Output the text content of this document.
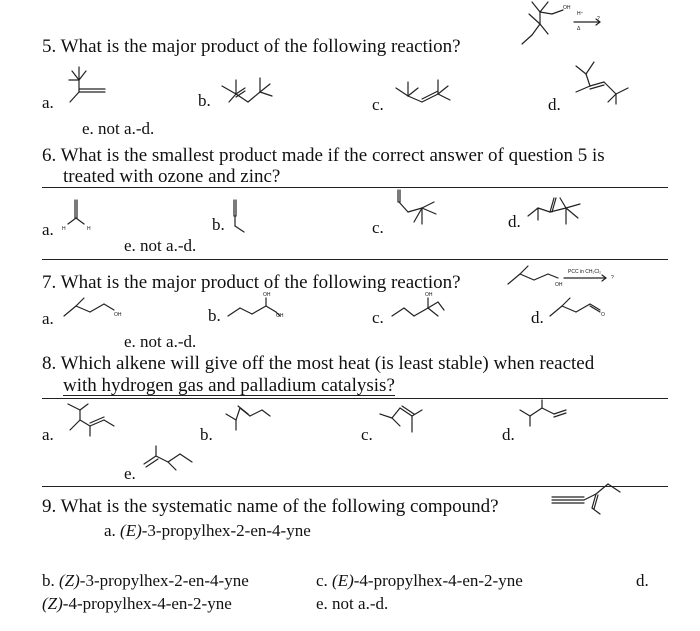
OH
H⁺
Δ
?
5. What is the major product of the following reaction?
a.	b.	c.	d.
e. not a.-d.
6. What is the smallest product made if the correct answer of question 5 is
treated with ozone and zinc?
a. H	H	b.	c.	d.
e. not a.-d.
7. What is the major product of the following reaction?	OH
PCC in CH₂Cl₂
?
a.	OH	b.
OH
OH	c.
OH
d.	O
e. not a.-d.
8. Which alkene will give off the most heat (is least stable) when reacted
with hydrogen gas and palladium catalysis?
a.	b.	c.	d.
e.
9. What is the systematic name of the following compound?
a. (E)-3-propylhex-2-en-4-yne
b. (Z)-3-propylhex-2-en-4-yne	c. (E)-4-propylhex-4-en-2-yne	d.
(Z)-4-propylhex-4-en-2-yne	e. not a.-d.
